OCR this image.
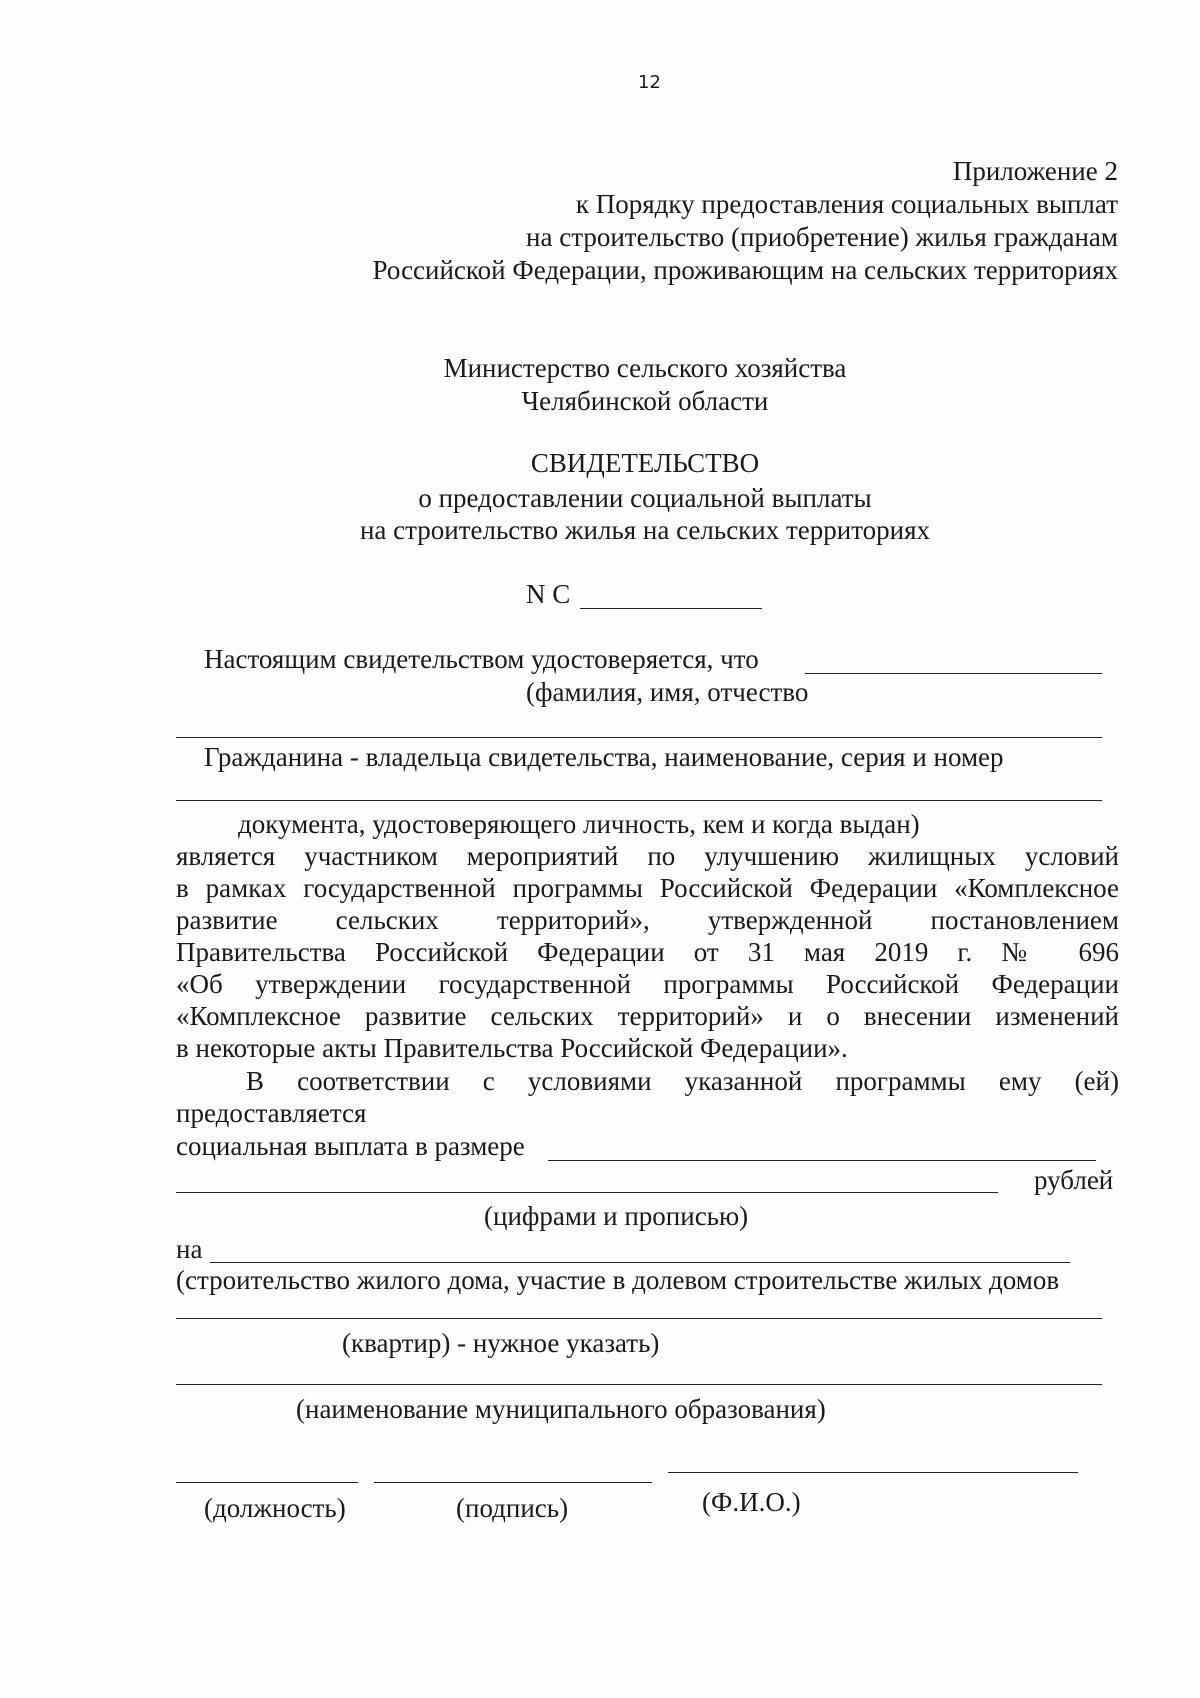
12
Приложение 2
к Порядку предоставления социальных выплат
на строительство (приобретение) жилья гражданам
Российской Федерации, проживающим на сельских территориях
Министерство сельского хозяйства
Челябинской области
СВИДЕТЕЛЬСТВО
о предоставлении социальной выплаты
на строительство жилья на сельских территориях
N С
Настоящим свидетельством удостоверяется, что
(фамилия, имя, отчество
Гражданина - владельца свидетельства, наименование, серия и номер
документа, удостоверяющего личность, кем и когда выдан)
является участником мероприятий по улучшению жилищных условий
в рамках государственной программы Российской Федерации «Комплексное
развитие сельских территорий», утвержденной постановлением
Правительства Российской Федерации от 31 мая 2019 г. № 696
«Об утверждении государственной программы Российской Федерации
«Комплексное развитие сельских территорий» и о внесении изменений
в некоторые акты Правительства Российской Федерации».
В соответствии с условиями указанной программы ему (ей)
предоставляется
социальная выплата в размере
рублей
(цифрами и прописью)
на
(строительство жилого дома, участие в долевом строительстве жилых домов
(квартир) - нужное указать)
(наименование муниципального образования)
(должность)	(подпись)	(Ф.И.О.)
